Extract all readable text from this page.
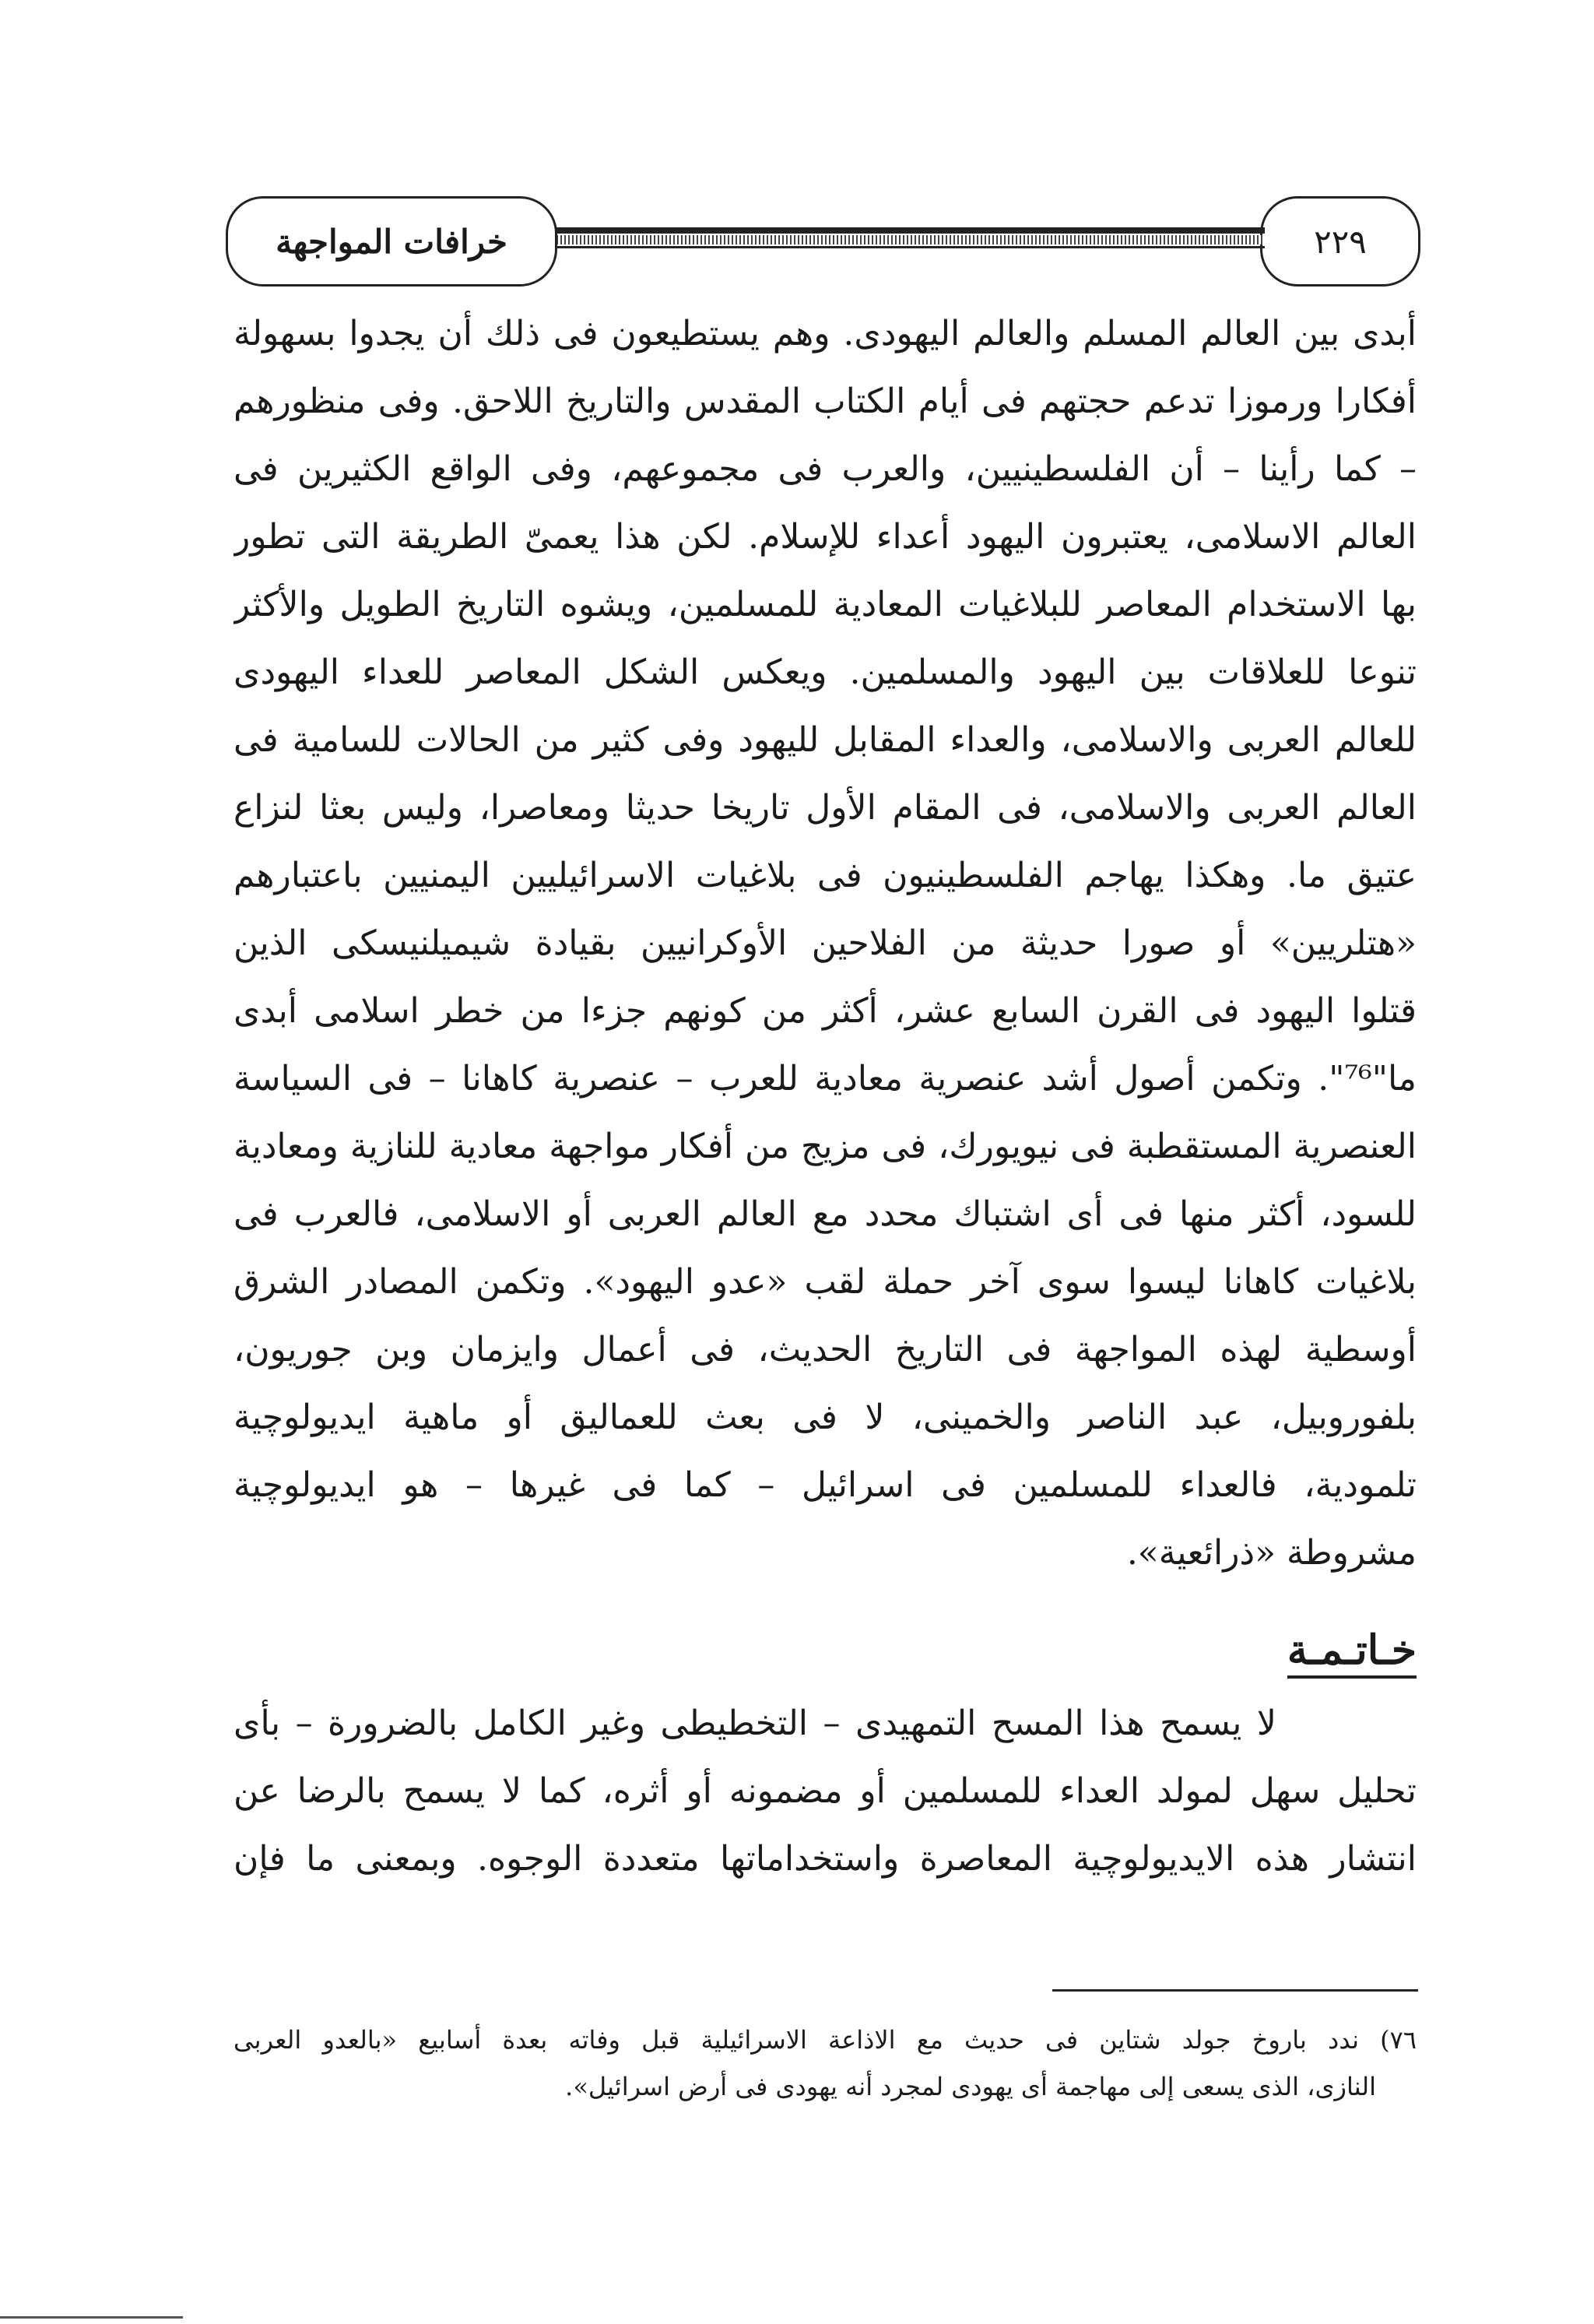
٢٢٩
خرافات المواجهة
أبدى بين العالم المسلم والعالم اليهودى. وهم يستطيعون فى ذلك أن يجدوا بسهولة
أفكارا ورموزا تدعم حجتهم فى أيام الكتاب المقدس والتاريخ اللاحق. وفى منظورهم
– كما رأينا – أن الفلسطينيين، والعرب فى مجموعهم، وفى الواقع الكثيرين فى
العالم الاسلامى، يعتبرون اليهود أعداء للإسلام. لكن هذا يعمىّ الطريقة التى تطور
بها الاستخدام المعاصر للبلاغيات المعادية للمسلمين، ويشوه التاريخ الطويل والأكثر
تنوعا للعلاقات بين اليهود والمسلمين. ويعكس الشكل المعاصر للعداء اليهودى
للعالم العربى والاسلامى، والعداء المقابل لليهود وفى كثير من الحالات للسامية فى
العالم العربى والاسلامى، فى المقام الأول تاريخا حديثا ومعاصرا، وليس بعثا لنزاع
عتيق ما. وهكذا يهاجم الفلسطينيون فى بلاغيات الاسرائيليين اليمنيين باعتبارهم
«هتلريين» أو صورا حديثة من الفلاحين الأوكرانيين بقيادة شيميلنيسكى الذين
قتلوا اليهود فى القرن السابع عشر، أكثر من كونهم جزءا من خطر اسلامى أبدى
ما"⁷⁶". وتكمن أصول أشد عنصرية معادية للعرب – عنصرية كاهانا – فى السياسة
العنصرية المستقطبة فى نيويورك، فى مزيج من أفكار مواجهة معادية للنازية ومعادية
للسود، أكثر منها فى أى اشتباك محدد مع العالم العربى أو الاسلامى، فالعرب فى
بلاغيات كاهانا ليسوا سوى آخر حملة لقب «عدو اليهود». وتكمن المصادر الشرق
أوسطية لهذه المواجهة فى التاريخ الحديث، فى أعمال وايزمان وبن جوريون،
بلفوروبيل، عبد الناصر والخمينى، لا فى بعث للعماليق أو ماهية ايديولوچية
تلمودية، فالعداء للمسلمين فى اسرائيل – كما فى غيرها – هو ايديولوچية
مشروطة «ذرائعية».
خـاتـمـة
لا يسمح هذا المسح التمهيدى – التخطيطى وغير الكامل بالضرورة – بأى
تحليل سهل لمولد العداء للمسلمين أو مضمونه أو أثره، كما لا يسمح بالرضا عن
انتشار هذه الايديولوچية المعاصرة واستخداماتها متعددة الوجوه. وبمعنى ما فإن
٧٦) ندد باروخ جولد شتاين فى حديث مع الاذاعة الاسرائيلية قبل وفاته بعدة أسابيع «بالعدو العربى
النازى، الذى يسعى إلى مهاجمة أى يهودى لمجرد أنه يهودى فى أرض اسرائيل».
